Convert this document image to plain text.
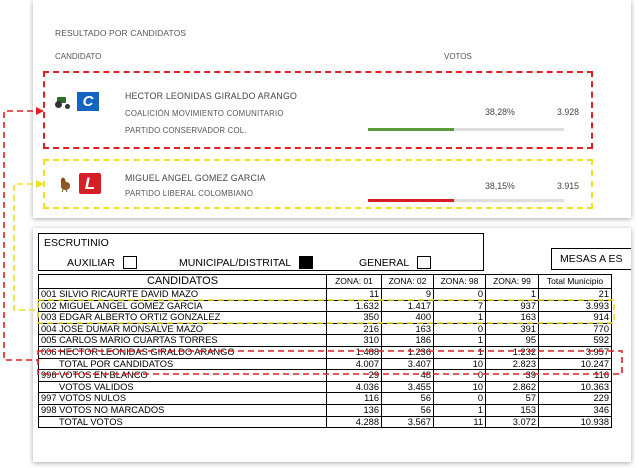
RESULTADO POR CANDIDATOS
CANDIDATO	VOTOS
C	HECTOR LEONIDAS GIRALDO ARANGO
COALICIÓN MOVIMIENTO COMUNITARIO
PARTIDO CONSERVADOR COL.
38,28%	3.928
L	MIGUEL ANGEL GOMEZ GARCIA
PARTIDO LIBERAL COLOMBIANO
38,15%	3.915
ESCRUTINIO
AUXILIAR	MUNICIPAL/DISTRITAL	GENERAL	MESAS A ES
CANDIDATOS	ZONA: 01	ZONA: 02	ZONA: 98	ZONA: 99	Total Municipio
001 SILVIO RICAURTE DAVID MAZO	11	9	0	1	21
002 MIGUEL ANGEL GOMEZ GARCIA	1.632	1.417	7	937	3.993
003 EDGAR ALBERTO ORTIZ GONZALEZ	350	400	1	163	914
004 JOSE DUMAR MONSALVE MAZO	216	163	0	391	770
005 CARLOS MARIO CUARTAS TORRES	310	186	1	95	592
006 HECTOR LEONIDAS GIRALDO ARANGO	1.488	1.236	1	1.232	3.957
TOTAL POR CANDIDATOS	4.007	3.407	10	2.823	10.247
996 VOTOS EN BLANCO	29	48	0	39	116
VOTOS VALIDOS	4.036	3.455	10	2.862	10.363
997 VOTOS NULOS	116	56	0	57	229
998 VOTOS NO MARCADOS	136	56	1	153	346
TOTAL VOTOS	4.288	3.567	11	3.072	10.938
